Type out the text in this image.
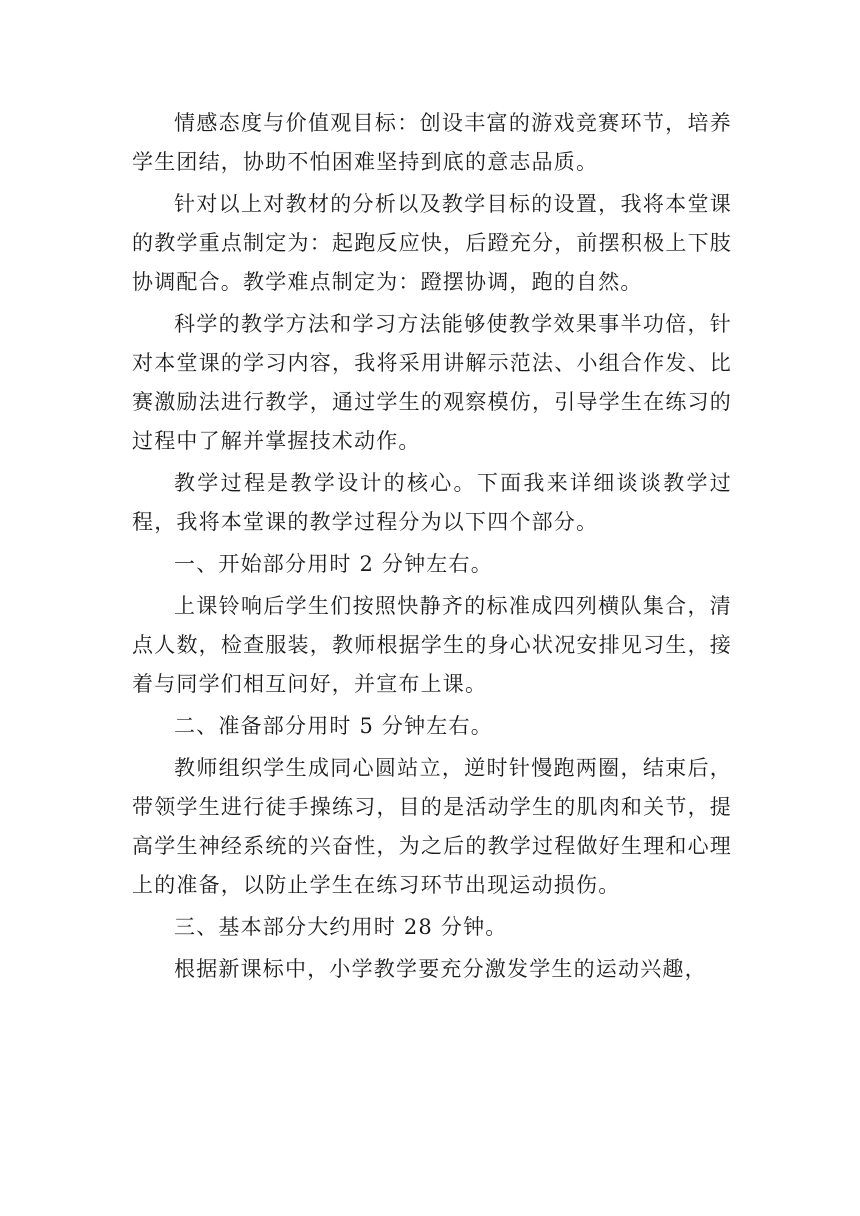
情感态度与价值观目标：创设丰富的游戏竞赛环节，培养学生团结，协助不怕困难坚持到底的意志品质。

针对以上对教材的分析以及教学目标的设置，我将本堂课的教学重点制定为：起跑反应快，后蹬充分，前摆积极上下肢协调配合。教学难点制定为：蹬摆协调，跑的自然。

科学的教学方法和学习方法能够使教学效果事半功倍，针对本堂课的学习内容，我将采用讲解示范法、小组合作发、比赛激励法进行教学，通过学生的观察模仿，引导学生在练习的过程中了解并掌握技术动作。

教学过程是教学设计的核心。下面我来详细谈谈教学过程，我将本堂课的教学过程分为以下四个部分。

一、开始部分用时 2 分钟左右。

上课铃响后学生们按照快静齐的标准成四列横队集合，清点人数，检查服装，教师根据学生的身心状况安排见习生，接着与同学们相互问好，并宣布上课。

二、准备部分用时 5 分钟左右。

教师组织学生成同心圆站立，逆时针慢跑两圈，结束后，带领学生进行徒手操练习，目的是活动学生的肌肉和关节，提高学生神经系统的兴奋性，为之后的教学过程做好生理和心理上的准备，以防止学生在练习环节出现运动损伤。

三、基本部分大约用时 28 分钟。

根据新课标中，小学教学要充分激发学生的运动兴趣，
